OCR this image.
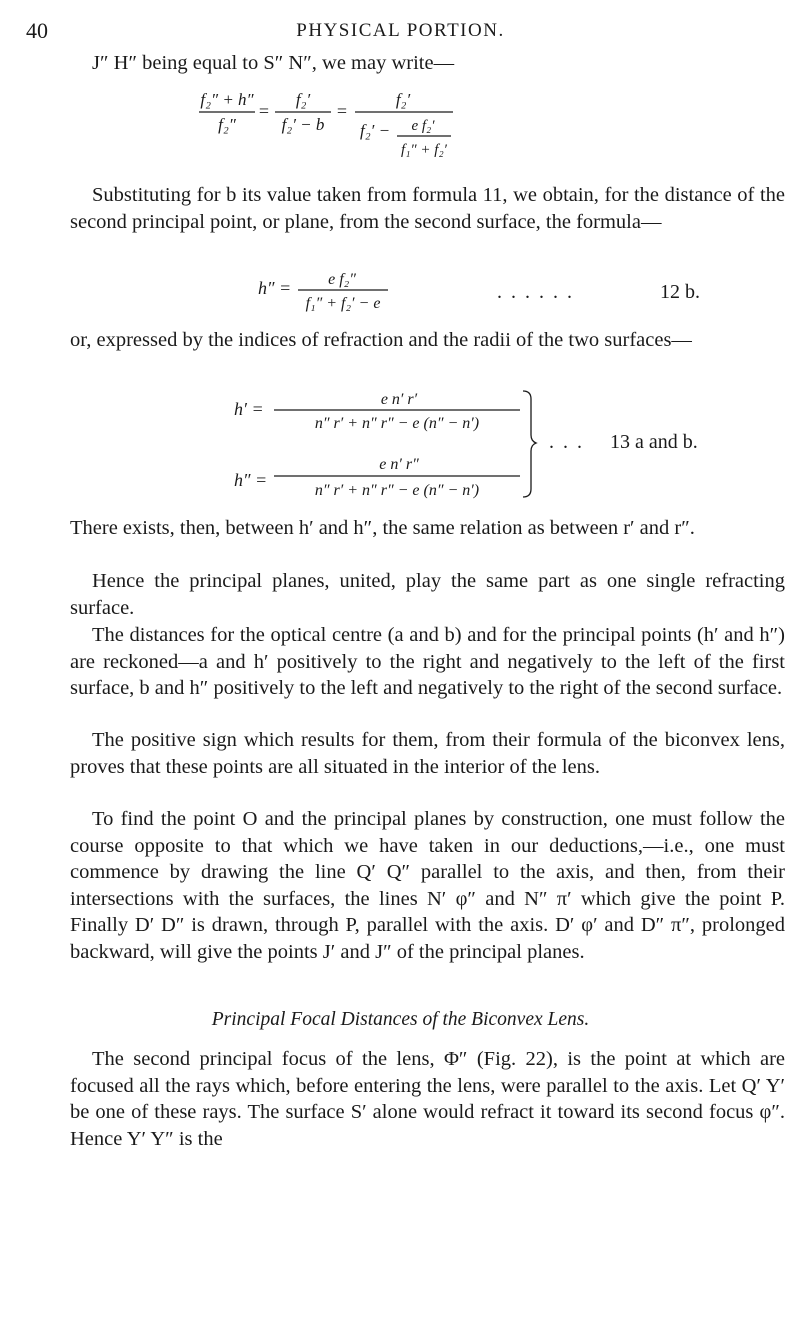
40	PHYSICAL PORTION.

J″ H″ being equal to S″ N″, we may write—

f₂″ + h″
f₂″
=
f₂′
f₂′ − b
=
f₂′
f₂′ − e f₂′
f₁″ + f₂′

Substituting for b its value taken from formula 11, we obtain, for the distance of the second principal point, or plane, from the second surface, the formula—

h″ = e f₂″
f₁″ + f₂′ − e
. . . . . .	12 b.

or, expressed by the indices of refraction and the radii of the two surfaces—

h′ =	e n′ r′
n″ r′ + n″ r″ − e (n″ − n′)
h″ =
e n′ r″
n″ r′ + n″ r″ − e (n″ − n′)
. . . 13 a and b.

There exists, then, between h′ and h″, the same relation as between r′ and r″.

Hence the principal planes, united, play the same part as one single refracting surface.

The distances for the optical centre (a and b) and for the principal points (h′ and h″) are reckoned—a and h′ positively to the right and negatively to the left of the first surface, b and h″ positively to the left and negatively to the right of the second surface.

The positive sign which results for them, from their formula of the biconvex lens, proves that these points are all situated in the interior of the lens.

To find the point O and the principal planes by construction, one must follow the course opposite to that which we have taken in our deductions,—i.e., one must commence by drawing the line Q′ Q″ parallel to the axis, and then, from their intersections with the surfaces, the lines N′ φ″ and N″ π′ which give the point P. Finally D′ D″ is drawn, through P, parallel with the axis. D′ φ′ and D″ π″, prolonged backward, will give the points J′ and J″ of the principal planes.

Principal Focal Distances of the Biconvex Lens.

The second principal focus of the lens, Φ″ (Fig. 22), is the point at which are focused all the rays which, before entering the lens, were parallel to the axis. Let Q′ Y′ be one of these rays. The surface S′ alone would refract it toward its second focus φ″. Hence Y′ Y″ is the
